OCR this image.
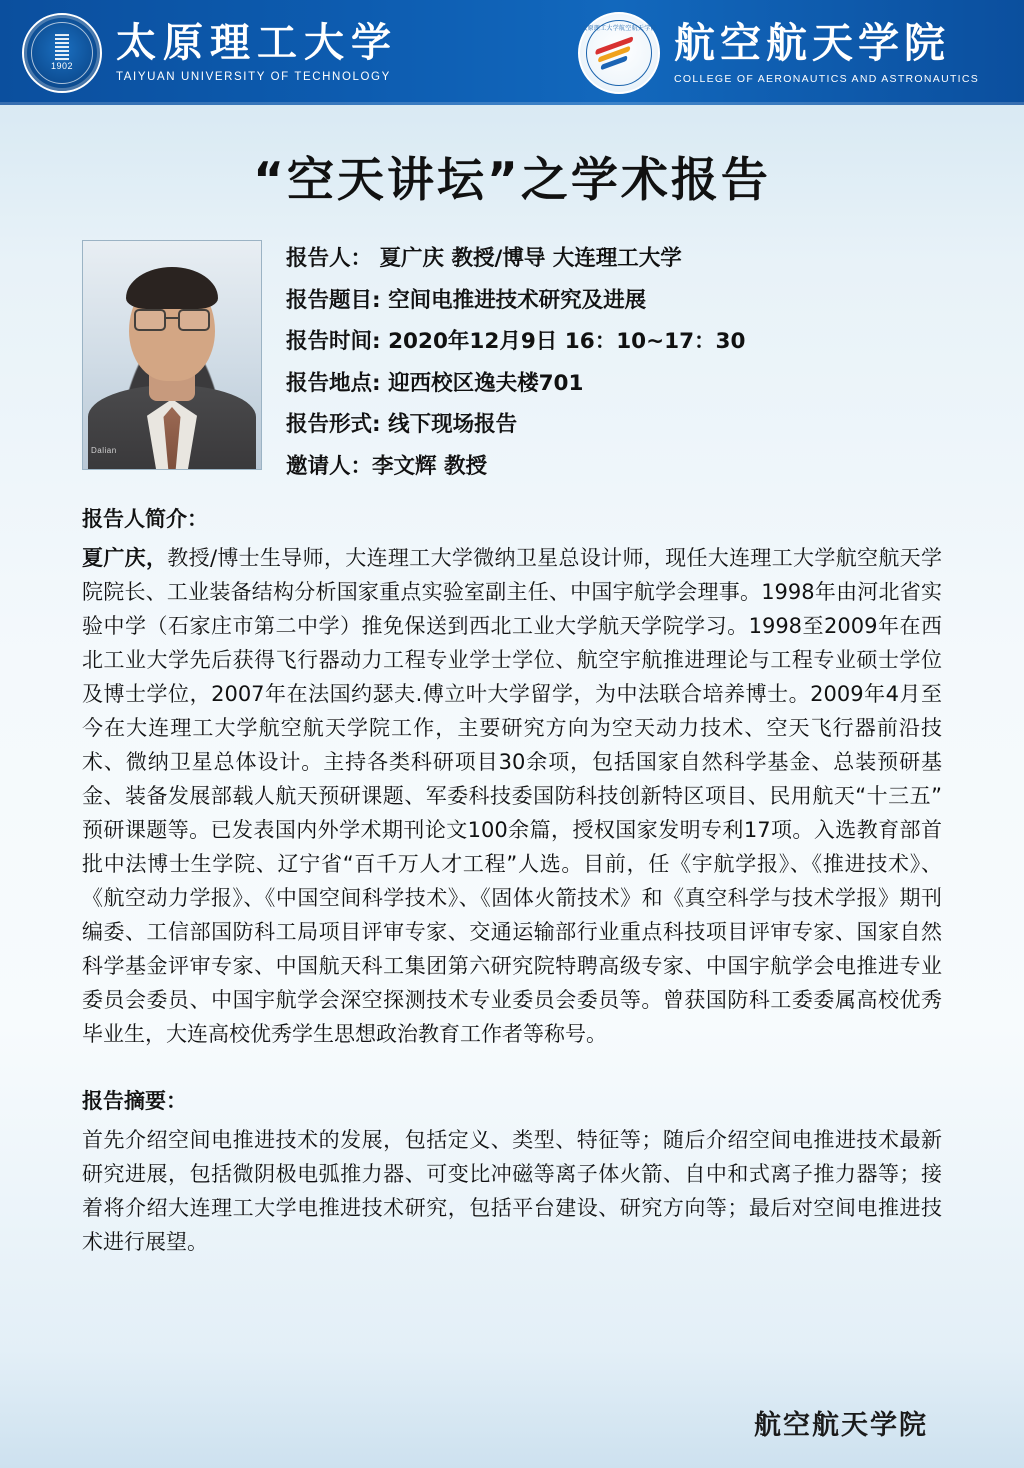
1902	太原理工大学
TAIYUAN UNIVERSITY OF TECHNOLOGY
太原理工大学航空航天学院 航空航天学院
COLLEGE OF AERONAUTICS AND ASTRONAUTICS
“空天讲坛”之学术报告
Dalian
报告人： 夏广庆 教授/博导 大连理工大学
报告题目: 空间电推进技术研究及进展
报告时间: 2020年12月9日 16：10~17：30
报告地点: 迎西校区逸夫楼701
报告形式: 线下现场报告
邀请人：李文辉 教授
报告人简介：
夏广庆，教授/博士生导师，大连理工大学微纳卫星总设计师，现任大连理工大学航空航天学院院长、工业装备结构分析国家重点实验室副主任、中国宇航学会理事。1998年由河北省实验中学（石家庄市第二中学）推免保送到西北工业大学航天学院学习。1998至2009年在西北工业大学先后获得飞行器动力工程专业学士学位、航空宇航推进理论与工程专业硕士学位及博士学位，2007年在法国约瑟夫.傅立叶大学留学，为中法联合培养博士。2009年4月至今在大连理工大学航空航天学院工作，主要研究方向为空天动力技术、空天飞行器前沿技术、微纳卫星总体设计。主持各类科研项目30余项，包括国家自然科学基金、总装预研基金、装备发展部载人航天预研课题、军委科技委国防科技创新特区项目、民用航天“十三五”预研课题等。已发表国内外学术期刊论文100余篇，授权国家发明专利17项。入选教育部首批中法博士生学院、辽宁省“百千万人才工程”人选。目前，任《宇航学报》、《推进技术》、《航空动力学报》、《中国空间科学技术》、《固体火箭技术》和《真空科学与技术学报》期刊编委、工信部国防科工局项目评审专家、交通运输部行业重点科技项目评审专家、国家自然科学基金评审专家、中国航天科工集团第六研究院特聘高级专家、中国宇航学会电推进专业委员会委员、中国宇航学会深空探测技术专业委员会委员等。曾获国防科工委委属高校优秀毕业生，大连高校优秀学生思想政治教育工作者等称号。
报告摘要：
首先介绍空间电推进技术的发展，包括定义、类型、特征等；随后介绍空间电推进技术最新研究进展，包括微阴极电弧推力器、可变比冲磁等离子体火箭、自中和式离子推力器等；接着将介绍大连理工大学电推进技术研究，包括平台建设、研究方向等；最后对空间电推进技术进行展望。
航空航天学院
